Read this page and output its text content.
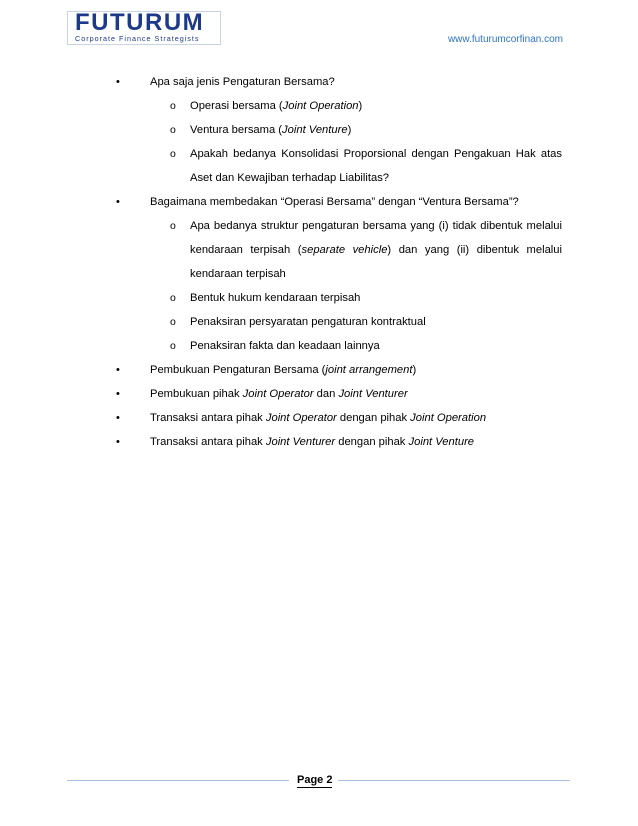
FUTURUM
Corporate Finance Strategists	www.futurumcorfinan.com
•	Apa saja jenis Pengaturan Bersama?
o Operasi bersama (Joint Operation)
o Ventura bersama (Joint Venture)
o Apakah bedanya Konsolidasi Proporsional dengan Pengakuan Hak atas
Aset dan Kewajiban terhadap Liabilitas?
•	Bagaimana membedakan “Operasi Bersama” dengan “Ventura Bersama”?
o Apa bedanya struktur pengaturan bersama yang (i) tidak dibentuk melalui
kendaraan terpisah (separate vehicle) dan yang (ii) dibentuk melalui
kendaraan terpisah
o Bentuk hukum kendaraan terpisah
o Penaksiran persyaratan pengaturan kontraktual
o Penaksiran fakta dan keadaan lainnya
•	Pembukuan Pengaturan Bersama (joint arrangement)
•	Pembukuan pihak Joint Operator dan Joint Venturer
•	Transaksi antara pihak Joint Operator dengan pihak Joint Operation
•	Transaksi antara pihak Joint Venturer dengan pihak Joint Venture
Page 2
